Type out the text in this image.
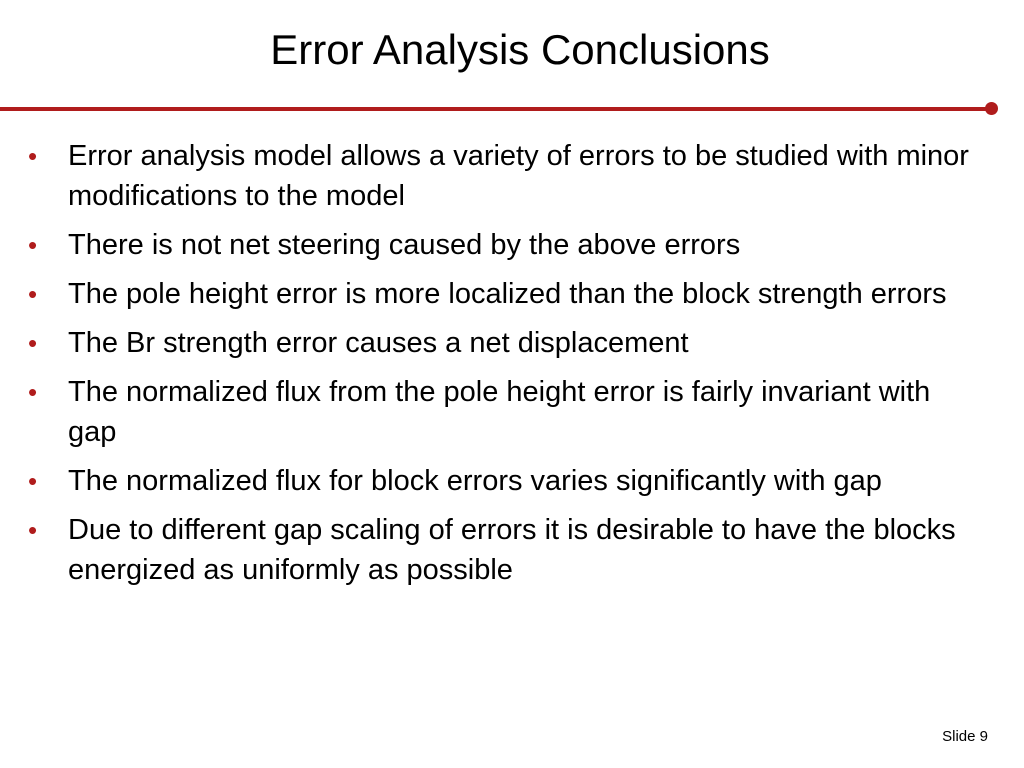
Error Analysis Conclusions
• Error analysis model allows a variety of errors to be studied with minor modifications to the model
• There is not net steering caused by the above errors
• The pole height error is more localized than the block strength errors
• The Br strength error causes a net displacement
• The normalized flux from the pole height error is fairly invariant with gap
• The normalized flux for block errors varies significantly with gap
• Due to different gap scaling of errors it is desirable to have the blocks energized as uniformly as possible
Slide 9
